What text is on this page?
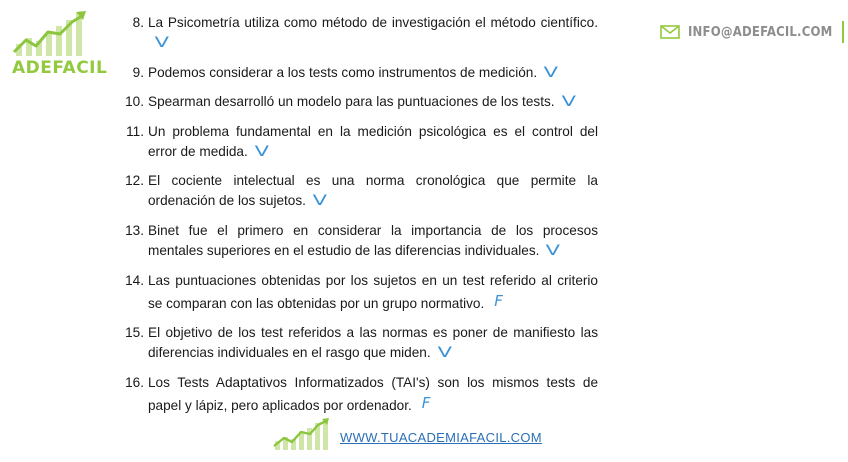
ADEFACIL
INFO@ADEFACIL.COM
8. La Psicometría utiliza como método de investigación el método científico.V
9. Podemos considerar a los tests como instrumentos de medición. V
10. Spearman desarrolló un modelo para las puntuaciones de los tests. V
11. Un problema fundamental en la medición psicológica es el control del error de medida. V
12. El cociente intelectual es una norma cronológica que permite la ordenación de los sujetos. V
13. Binet fue el primero en considerar la importancia de los procesos mentales superiores en el estudio de las diferencias individuales. V
14. Las puntuaciones obtenidas por los sujetos en un test referido al criterio se comparan con las obtenidas por un grupo normativo. F
15. El objetivo de los test referidos a las normas es poner de manifiesto las diferencias individuales en el rasgo que miden. V
16. Los Tests Adaptativos Informatizados (TAI's) son los mismos tests de papel y lápiz, pero aplicados por ordenador. F
WWW.TUACADEMIAFACIL.COM
